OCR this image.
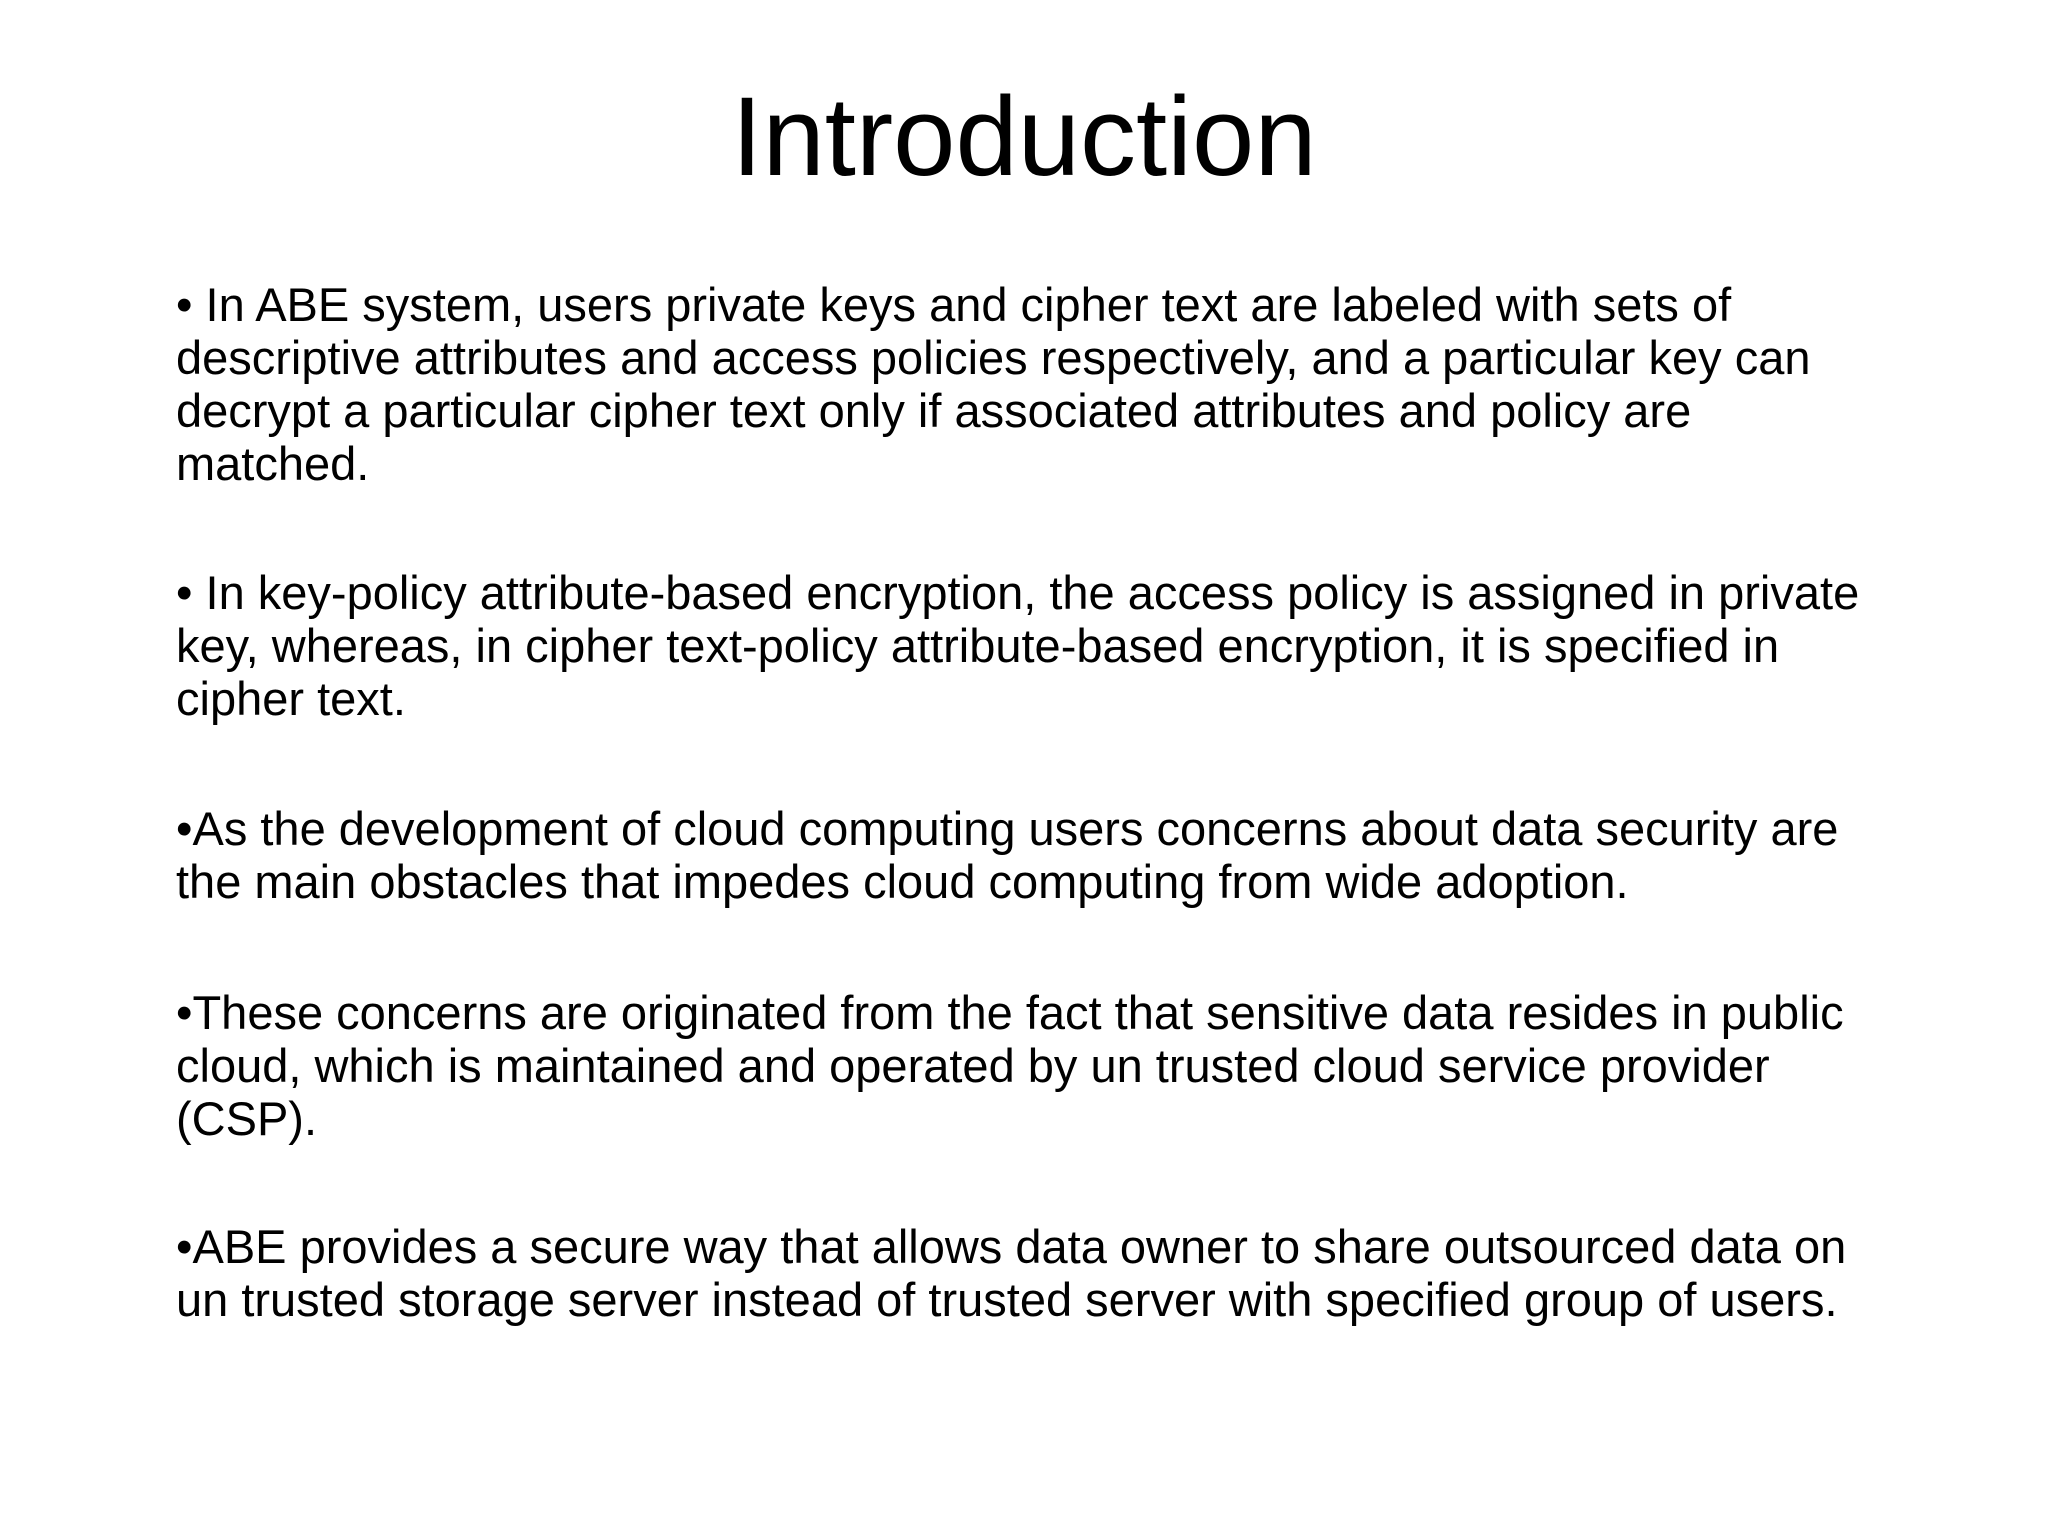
Introduction

• In ABE system, users private keys and cipher text are labeled with sets of descriptive attributes and access policies respectively, and a particular key can decrypt a particular cipher text only if associated attributes and policy are matched.

• In key-policy attribute-based encryption, the access policy is assigned in private key, whereas, in cipher text-policy attribute-based encryption, it is specified in cipher text.

•As the development of cloud computing users concerns about data security are the main obstacles that impedes cloud computing from wide adoption.

•These concerns are originated from the fact that sensitive data resides in public cloud, which is maintained and operated by un trusted cloud service provider (CSP).

•ABE provides a secure way that allows data owner to share outsourced data on un trusted storage server instead of trusted server with specified group of users.
